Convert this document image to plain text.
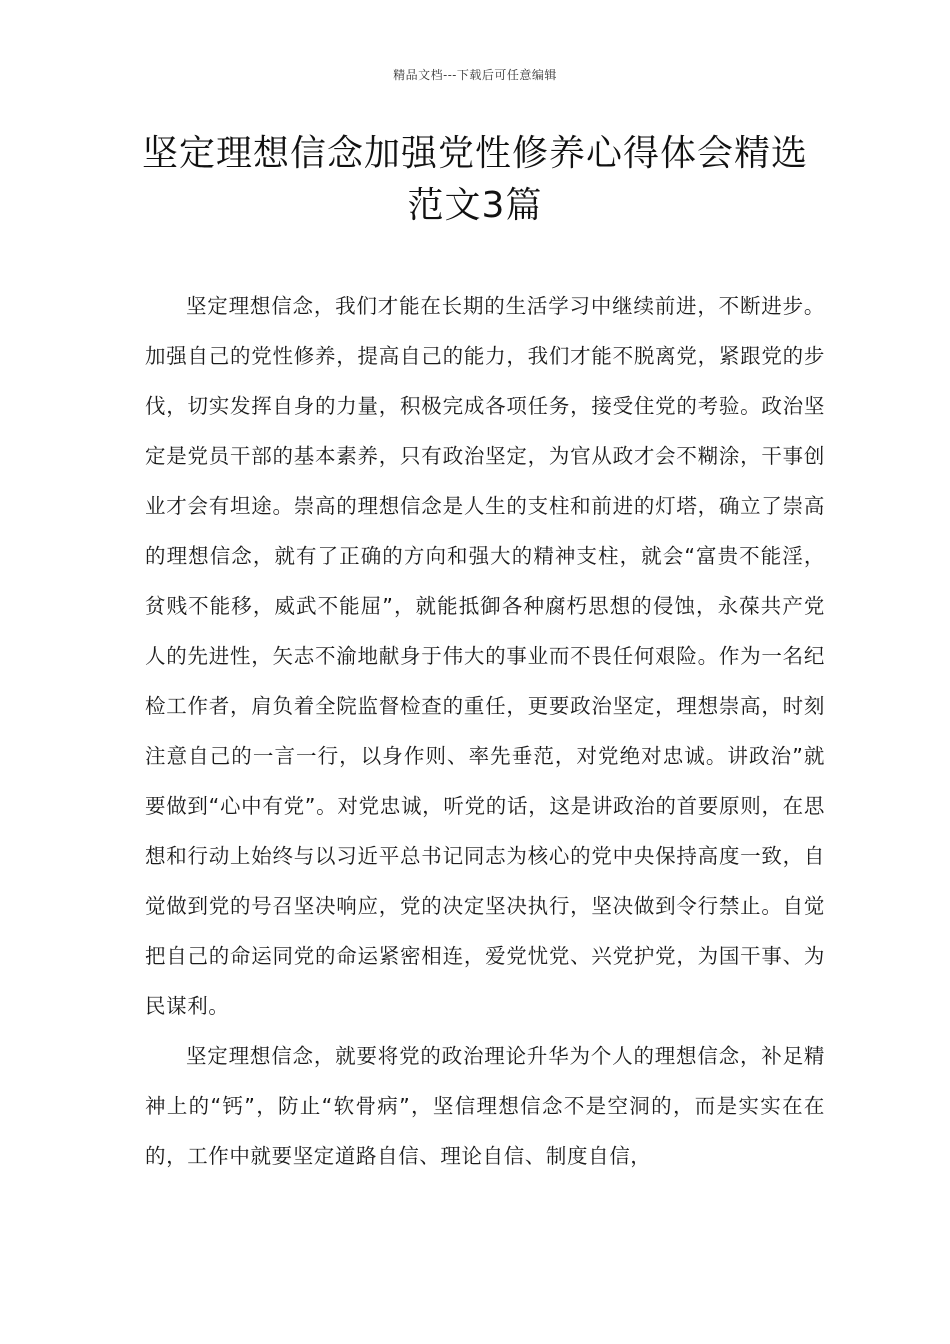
精品文档---下载后可任意编辑
坚定理想信念加强党性修养心得体会精选范文3篇

坚定理想信念，我们才能在长期的生活学习中继续前进，不断进步。加强自己的党性修养，提高自己的能力，我们才能不脱离党，紧跟党的步伐，切实发挥自身的力量，积极完成各项任务，接受住党的考验。政治坚定是党员干部的基本素养，只有政治坚定，为官从政才会不糊涂，干事创业才会有坦途。崇高的理想信念是人生的支柱和前进的灯塔，确立了崇高的理想信念，就有了正确的方向和强大的精神支柱，就会“富贵不能淫，贫贱不能移，威武不能屈”，就能抵御各种腐朽思想的侵蚀，永葆共产党人的先进性，矢志不渝地献身于伟大的事业而不畏任何艰险。作为一名纪检工作者，肩负着全院监督检查的重任，更要政治坚定，理想崇高，时刻注意自己的一言一行，以身作则、率先垂范，对党绝对忠诚。讲政治”就要做到“心中有党”。对党忠诚，听党的话，这是讲政治的首要原则，在思想和行动上始终与以习近平总书记同志为核心的党中央保持高度一致，自觉做到党的号召坚决响应，党的决定坚决执行，坚决做到令行禁止。自觉把自己的命运同党的命运紧密相连，爱党忧党、兴党护党，为国干事、为民谋利。

坚定理想信念，就要将党的政治理论升华为个人的理想信念，补足精神上的“钙”，防止“软骨病”，坚信理想信念不是空洞的，而是实实在在的，工作中就要坚定道路自信、理论自信、制度自信，
